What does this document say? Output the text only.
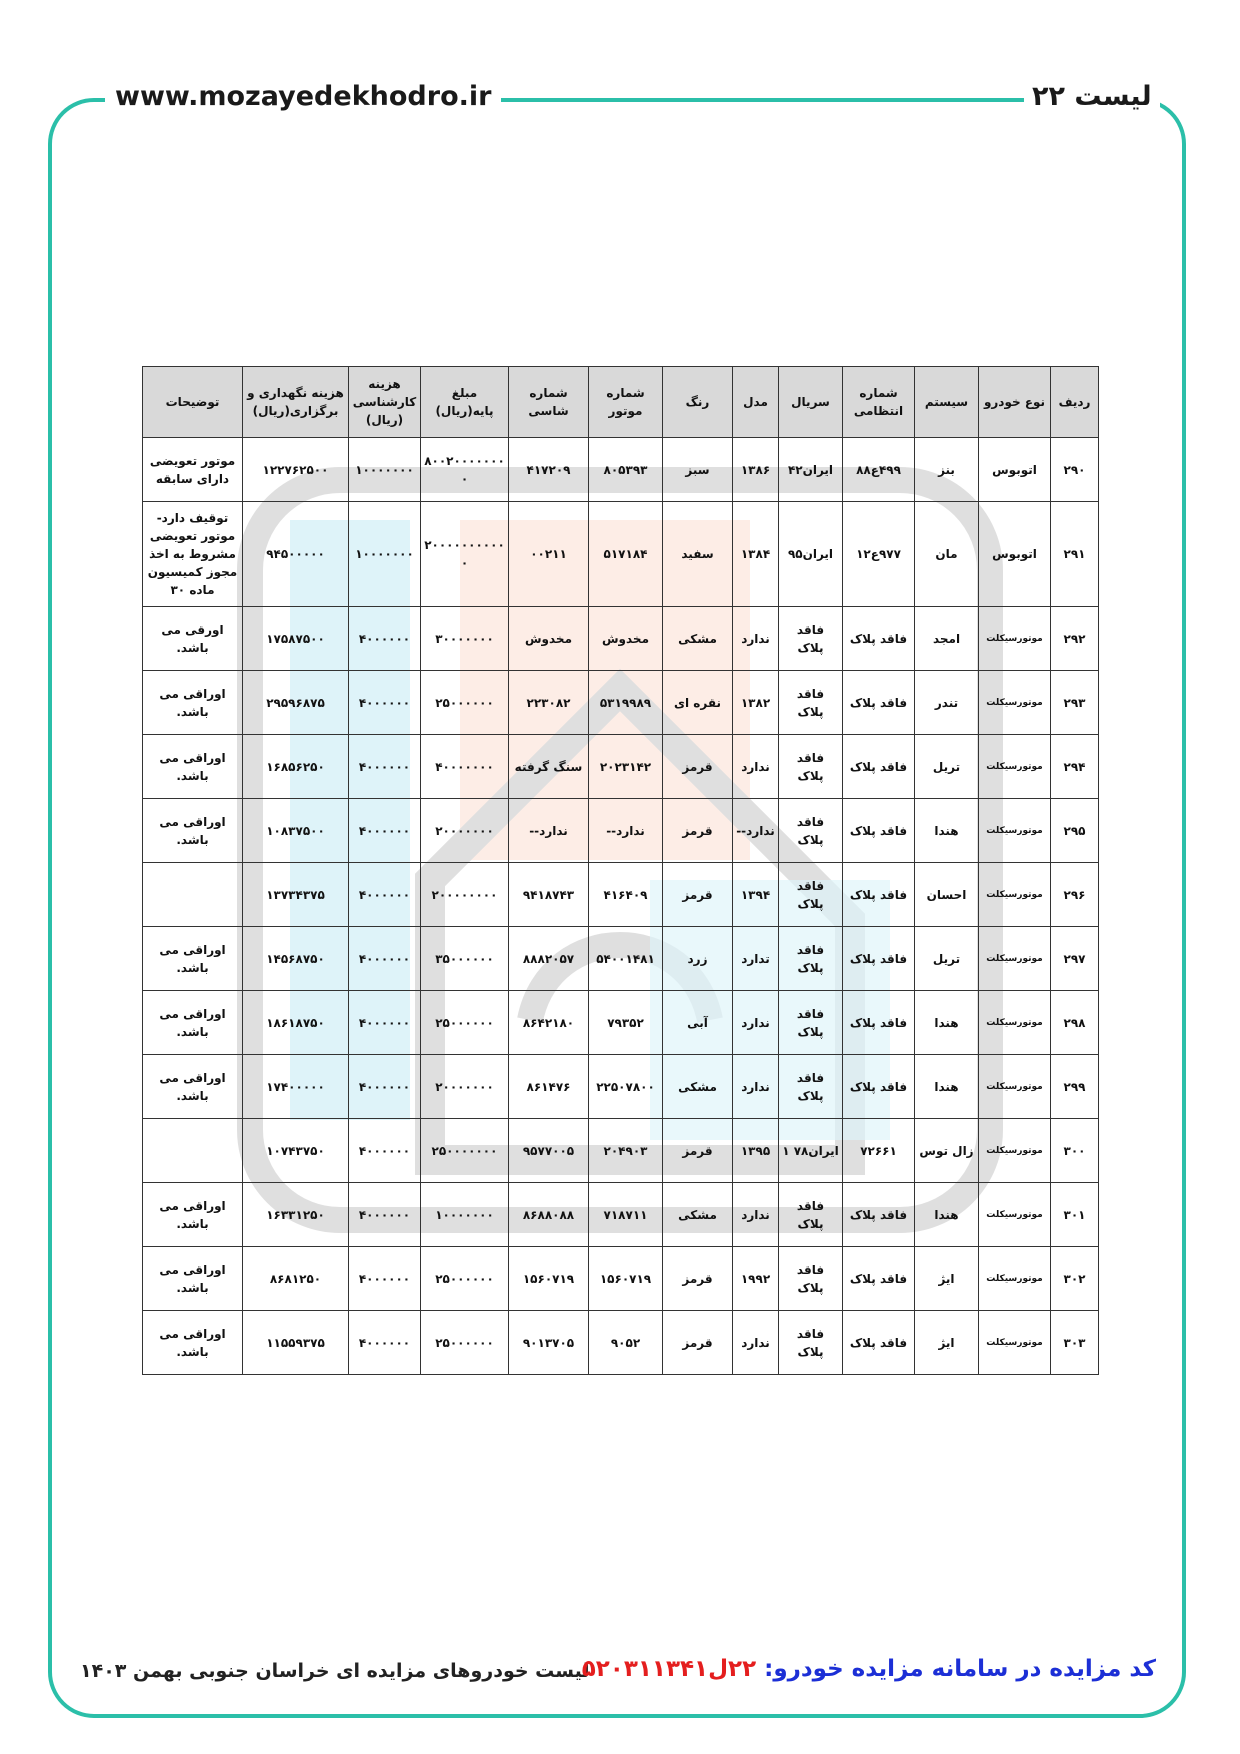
www.mozayedekhodro.ir	لیست ۲۲
ردیف	نوع خودرو	سیستم	شماره انتظامی	سریال	مدل	رنگ	شماره موتور	شماره شاسی	مبلغ پایه(ریال)	هزینه کارشناسی (ریال)	هزینه نگهداری و برگزاری(ریال)	توضیحات
۲۹۰	اتوبوس	بنز	۴۹۹ع۸۸	ایران۴۲	۱۳۸۶	سبز	۸۰۵۳۹۳	۴۱۷۲۰۹	۸۰۰۲۰۰۰۰۰۰۰۰	۱۰۰۰۰۰۰۰	۱۲۲۷۶۲۵۰۰	موتور تعویضی دارای سابقه
۲۹۱	اتوبوس	مان	۹۷۷ع۱۲	ایران۹۵	۱۳۸۴	سفید	۵۱۷۱۸۴	۰۰۲۱۱	۲۰۰۰۰۰۰۰۰۰۰۰	۱۰۰۰۰۰۰۰	۹۴۵۰۰۰۰۰	توقیف دارد-موتور تعویضی مشروط به اخذ مجوز کمیسیون ماده ۳۰
۲۹۲	موتورسیکلت	امجد	فاقد پلاک	فاقد پلاک	ندارد	مشکی	مخدوش	مخدوش	۳۰۰۰۰۰۰۰	۴۰۰۰۰۰۰	۱۷۵۸۷۵۰۰	اورقی می باشد.
۲۹۳	موتورسیکلت	تندر	فاقد پلاک	فاقد پلاک	۱۳۸۲	نقره ای	۵۳۱۹۹۸۹	۲۲۳۰۸۲	۲۵۰۰۰۰۰۰	۴۰۰۰۰۰۰	۲۹۵۹۶۸۷۵	اوراقی می باشد.
۲۹۴	موتورسیکلت	تریل	فاقد پلاک	فاقد پلاک	ندارد	قرمز	۲۰۲۳۱۴۲	سنگ گرفته	۴۰۰۰۰۰۰۰	۴۰۰۰۰۰۰	۱۶۸۵۶۲۵۰	اوراقی می باشد.
۲۹۵	موتورسیکلت	هندا	فاقد پلاک	فاقد پلاک	ندارد--	قرمز	ندارد--	ندارد--	۲۰۰۰۰۰۰۰	۴۰۰۰۰۰۰	۱۰۸۳۷۵۰۰	اوراقی می باشد.
۲۹۶	موتورسیکلت	احسان	فاقد پلاک	فاقد پلاک	۱۳۹۴	قرمز	۴۱۶۴۰۹	۹۴۱۸۷۴۳	۲۰۰۰۰۰۰۰۰	۴۰۰۰۰۰۰	۱۳۷۳۴۳۷۵	
۲۹۷	موتورسیکلت	تریل	فاقد پلاک	فاقد پلاک	تدارد	زرد	۵۴۰۰۱۴۸۱	۸۸۸۲۰۵۷	۳۵۰۰۰۰۰۰	۴۰۰۰۰۰۰	۱۴۵۶۸۷۵۰	اوراقی می باشد.
۲۹۸	موتورسیکلت	هندا	فاقد پلاک	فاقد پلاک	ندارد	آبی	۷۹۳۵۲	۸۶۴۲۱۸۰	۲۵۰۰۰۰۰۰	۴۰۰۰۰۰۰	۱۸۶۱۸۷۵۰	اوراقی می باشد.
۲۹۹	موتورسیکلت	هندا	فاقد پلاک	فاقد پلاک	ندارد	مشکی	۲۲۵۰۷۸۰۰	۸۶۱۴۷۶	۲۰۰۰۰۰۰۰	۴۰۰۰۰۰۰	۱۷۴۰۰۰۰۰	اوراقی می باشد.
۳۰۰	موتورسیکلت	زال توس	۷۲۶۶۱	ایران۷۸ ۱	۱۳۹۵	قرمز	۲۰۴۹۰۳	۹۵۷۷۰۰۵	۲۵۰۰۰۰۰۰۰	۴۰۰۰۰۰۰	۱۰۷۴۳۷۵۰	
۳۰۱	موتورسیکلت	هندا	فاقد پلاک	فاقد پلاک	ندارد	مشکی	۷۱۸۷۱۱	۸۶۸۸۰۸۸	۱۰۰۰۰۰۰۰	۴۰۰۰۰۰۰	۱۶۳۳۱۲۵۰	اوراقی می باشد.
۳۰۲	موتورسیکلت	ایژ	فاقد پلاک	فاقد پلاک	۱۹۹۲	قرمز	۱۵۶۰۷۱۹	۱۵۶۰۷۱۹	۲۵۰۰۰۰۰۰	۴۰۰۰۰۰۰	۸۶۸۱۲۵۰	اوراقی می باشد.
۳۰۳	موتورسیکلت	ایژ	فاقد پلاک	فاقد پلاک	ندارد	قرمز	۹۰۵۲	۹۰۱۳۷۰۵	۲۵۰۰۰۰۰۰	۴۰۰۰۰۰۰	۱۱۵۵۹۳۷۵	اوراقی می باشد.
لیست خودروهای مزایده ای خراسان جنوبی بهمن ۱۴۰۳	کد مزایده در سامانه مزایده خودرو: ۲۲ل۵۲۰۳۱۱۳۴۱
